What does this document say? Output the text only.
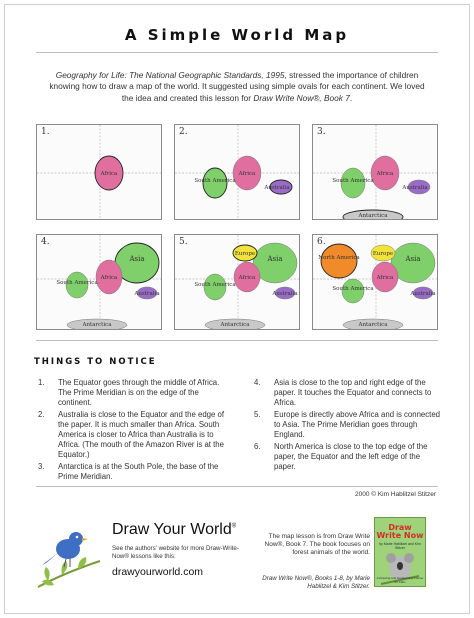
A Simple World Map
Geography for Life: The National Geographic Standards, 1995, stressed the importance of children knowing how to draw a map of the world. It suggested using simple ovals for each continent. We loved the idea and created this lesson for Draw Write Now®, Book 7.
1.
Africa
2.
Africa
South America
Australia
3.
Africa
South America
Australia
Antarctica
4.
Asia
Africa
South America
Australia
Antarctica
5.
Asia
Europe
Africa
South America
Australia
Antarctica
6.
Asia
Europe
Africa
North America
South America
Australia
Antarctica
THINGS TO NOTICE
1. The Equator goes through the middle of Africa. The Prime Meridian is on the edge of the continent.
2. Australia is close to the Equator and the edge of the paper. It is much smaller than Africa. South America is closer to Africa than Australia is to Africa. (The mouth of the Amazon River is at the Equator.)
3. Antarctica is at the South Pole, the base of the Prime Meridian.
4. Asia is close to the top and right edge of the paper. It touches the Equator and connects to Africa.
5. Europe is directly above Africa and is connected to Asia. The Prime Meridian goes through England.
6. North America is close to the top edge of the paper, the Equator and the left edge of the paper.
2000 © Kim Hablitzel Stitzer
Draw Your World®
See the authors' website for more Draw-Write-Now® lessons like this:
drawyourworld.com
The map lesson is from Draw Write Now®, Book 7. The book focuses on forest animals of the world.
Draw Write Now®, Books 1-8, by Marie Hablitzel & Kim Stitzer.
Draw Write Now
by Marie Hablitzel and Kim Stitzer
A Drawing and Handwriting Course for Kids!
